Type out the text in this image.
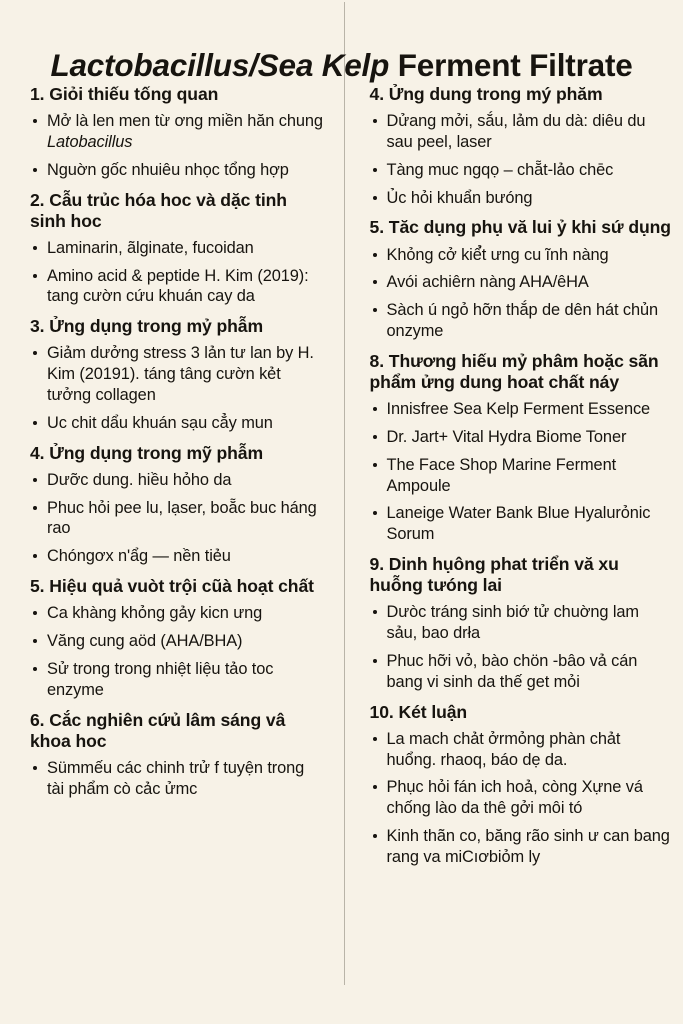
Lactobacillus/Sea Kelp Ferment Filtrate
1. Giỏi thiếu tống quan
Mở là len men từ ơng miền hăn chung Latobacillus
Nguờn gốc nhuiêu nhọc tổng hợp
2. Cẫu trủc hóa hoc và dặc tinh sinh hoc
Laminarin, ãlginate, fucoidan
Amino acid & peptide H. Kim (2019): tang cườn cứu khuán cay da
3. Ửng dụng trong mỷ phẫm
Giảm dưởng stress 3 lản tư lan by H. Kim (20191). táng tâng cườn kẻt tưởng collagen
Uc chit dẩu khuán sạu cẳy mun
4. Ửng dụng trong mỹ phẫm
Dưỡc dung. hiều hỏho da
Phuc hỏi pee lu, lạser, boẵc buc háng rao
Chóngơx n'ẩg — nền tiẻu
5. Hiệu quả vuòt trội cũà hoạt chất
Ca khàng khỏng gảy kicn ưng
Văng cung aöd (AHA/BHA)
Sử trong trong nhiệt liệu tảo toc enzyme
6. Cắc nghiên cứủ lâm sáng vâ khoa hoc
Sümmếu các chinh trử f tuyện trong tài phẩm cò cảc ửmc
4. Ửng dung trong mý phăm
Dửang mởi, sắu, lảm du dà: diêu du sau peel, laser
Tàng muc ngqọ – chẵt-lảo chēc
Ủc hỏi khuẩn bưóng
5. Tăc dụng phụ vă lui ỷ khi sứ dụng
Khỏng cở kiể̉t ưng cu ĩnh nàng
Avói achiêrn nàng AHA/êHA
Sàch ú ngỏ hỡn thắp de dên hát chủn onzyme
8. Thương hiếu mỷ phâm hoặc sãn phẩm ửng dung hoat chất náy
Innisfree Sea Kelp Ferment Essence
Dr. Jart+ Vital Hydra Biome Toner
The Face Shop Marine Ferment Ampoule
Laneige Water Bank Blue Hyalurỏnic Sorum
9. Dinh hụông phat triển vă xu huỗng tưóng lai
Dưòc tráng sinh biớ tử chuờng lam sảu, bao drła
Phuc hỡi vỏ, bào chön -bâo vả cán bang vi sinh da thế get mỏi
10. Két luận
La mach chảt ởrmỏng phàn chảt huổng. rhaoq, báo dẹ da.
Phục hỏi fán ich hoả, còng Xựne vá chống lào da thê gởi môi tó
Kinh thãn co, băng rão sinh ư can bang rang va miCıơbiỏm ly
